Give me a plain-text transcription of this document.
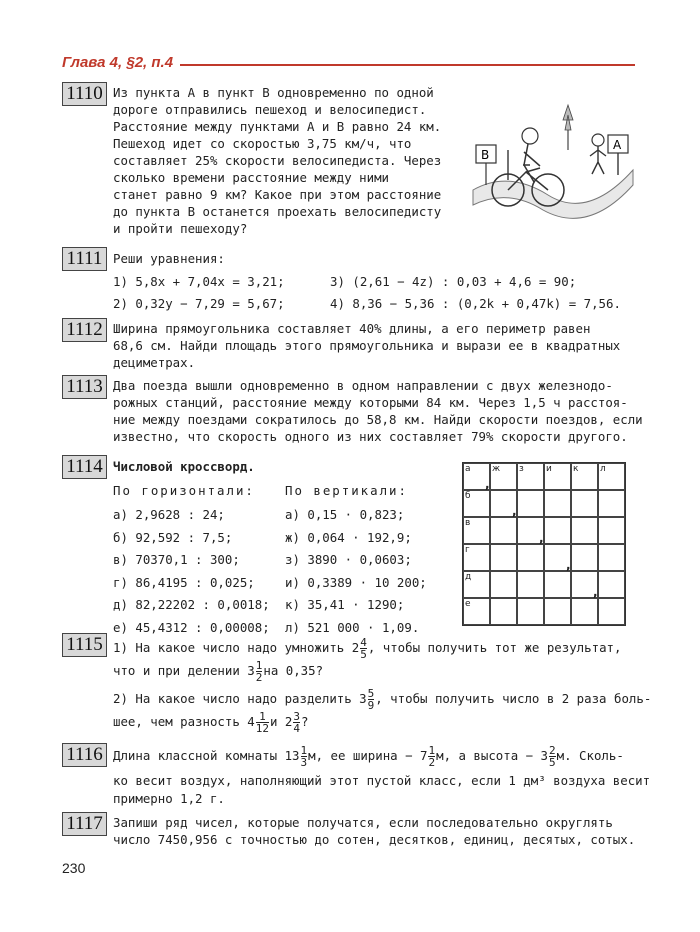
Глава 4, §2, п.4
1110 Из пункта A в пункт B одновременно по одной
дороге отправились пешеход и велосипедист.
Расстояние между пунктами A и B равно 24 км.
Пешеход идет со скоростью 3,75 км/ч, что
составляет 25% скорости велосипедиста. Через
сколько времени расстояние между ними
станет равно 9 км? Какое при этом расстояние
до пункта B останется проехать велосипедисту
и пройти пешеходу?
B
A
1111 Реши уравнения:
1) 5,8x + 7,04x = 3,21;
2) 0,32y − 7,29 = 5,67;
3) (2,61 − 4z) : 0,03 + 4,6 = 90;
4) 8,36 − 5,36 : (0,2k + 0,47k) = 7,56.
1112 Ширина прямоугольника составляет 40% длины, а его периметр равен
68,6 см. Найди площадь этого прямоугольника и вырази ее в квадратных
дециметрах.
1113 Два поезда вышли одновременно в одном направлении с двух железнодо-
рожных станций, расстояние между которыми 84 км. Через 1,5 ч расстоя-
ние между поездами сократилось до 58,8 км. Найди скорости поездов, если
известно, что скорость одного из них составляет 79% скорости другого.
1114 Числовой кроссворд.
По горизонтали: По вертикали:
а) 2,9628 : 24;
б) 92,592 : 7,5;
в) 70370,1 : 300;
г) 86,4195 : 0,025;
д) 82,22202 : 0,0018;
е) 45,4312 : 0,00008;
а) 0,15 · 0,823;
ж) 0,064 · 192,9;
з) 3890 · 0,0603;
и) 0,3389 · 10 200;
к) 35,41 · 1290;
л) 521 000 · 1,09.
а ж з и к л
б
в
г
д
е
,
,
,
,
,
1115 1) На какое число надо умножить $2 \frac{4}{5}$ , чтобы получить тот же результат,
что и при делении $3 \frac{1}{2}$ на 0,35?
2) На какое число надо разделить $3 \frac{5}{9}$ , чтобы получить число в 2 раза боль-
шее, чем разность $4 \frac{1}{12}$ и $2 \frac{3}{4}$ ?
1116 Длина классной комнаты $13 \frac{1}{3} м$, ее ширина − $7 \frac{1}{2} м$, а высота − $3 \frac{2}{5} м$. Сколь-
ко весит воздух, наполняющий этот пустой класс, если 1 дм³ воздуха весит
примерно 1,2 г.
1117 Запиши ряд чисел, которые получатся, если последовательно округлять
число 7450,956 с точностью до сотен, десятков, единиц, десятых, сотых.
230
